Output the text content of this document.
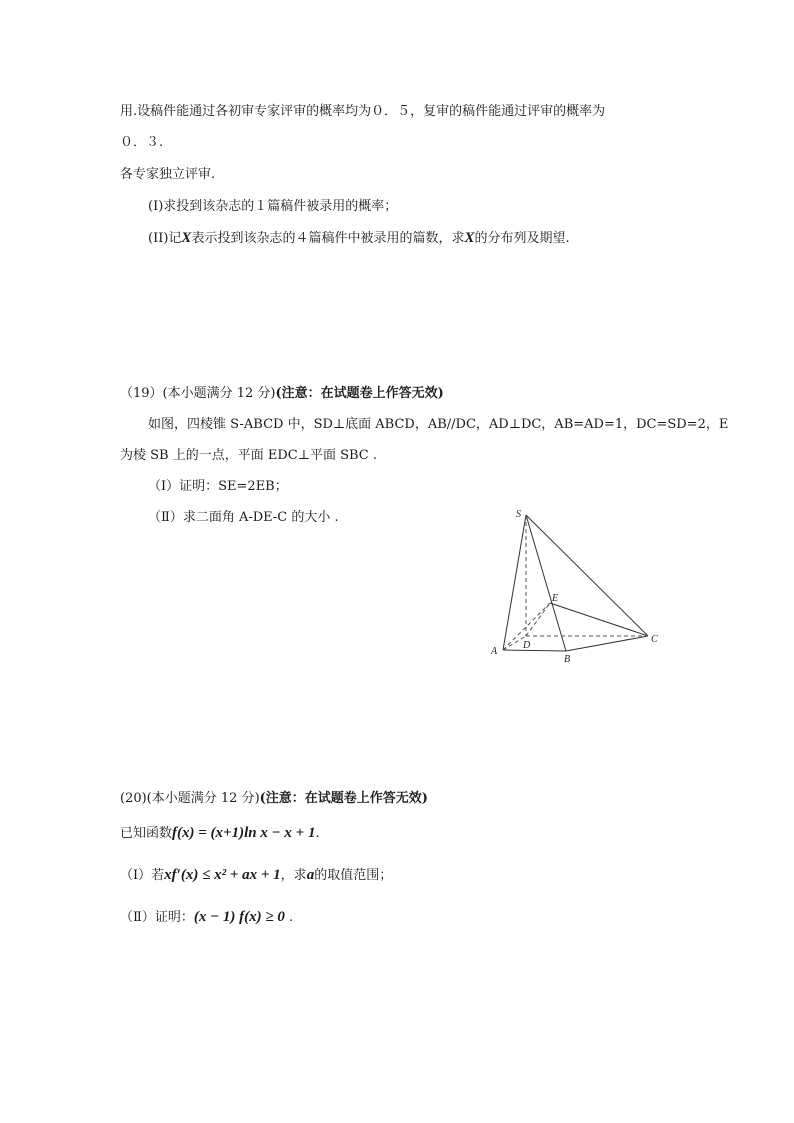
用.设稿件能通过各初审专家评审的概率均为０．５，复审的稿件能通过评审的概率为
０．３.
各专家独立评审.
(I)求投到该杂志的１篇稿件被录用的概率；
(II)记X表示投到该杂志的４篇稿件中被录用的篇数，求X的分布列及期望.
（19）(本小题满分 12 分)(注意：在试题卷上作答无效)
如图，四棱锥 S-ABCD 中，SD⊥底面 ABCD，AB//DC，AD⊥DC，AB=AD=1，DC=SD=2，E
为棱 SB 上的一点，平面 EDC⊥平面 SBC .
（Ⅰ）证明：SE=2EB；
（Ⅱ）求二面角 A-DE-C 的大小 .	S
E
A
D
B
C
(20)(本小题满分 12 分)(注意：在试题卷上作答无效)
已知函数f(x) = (x+1)ln x − x + 1.
（Ⅰ）若xf′(x) ≤ x² + ax + 1，求a的取值范围；
（Ⅱ）证明：(x − 1) f(x) ≥ 0 .
